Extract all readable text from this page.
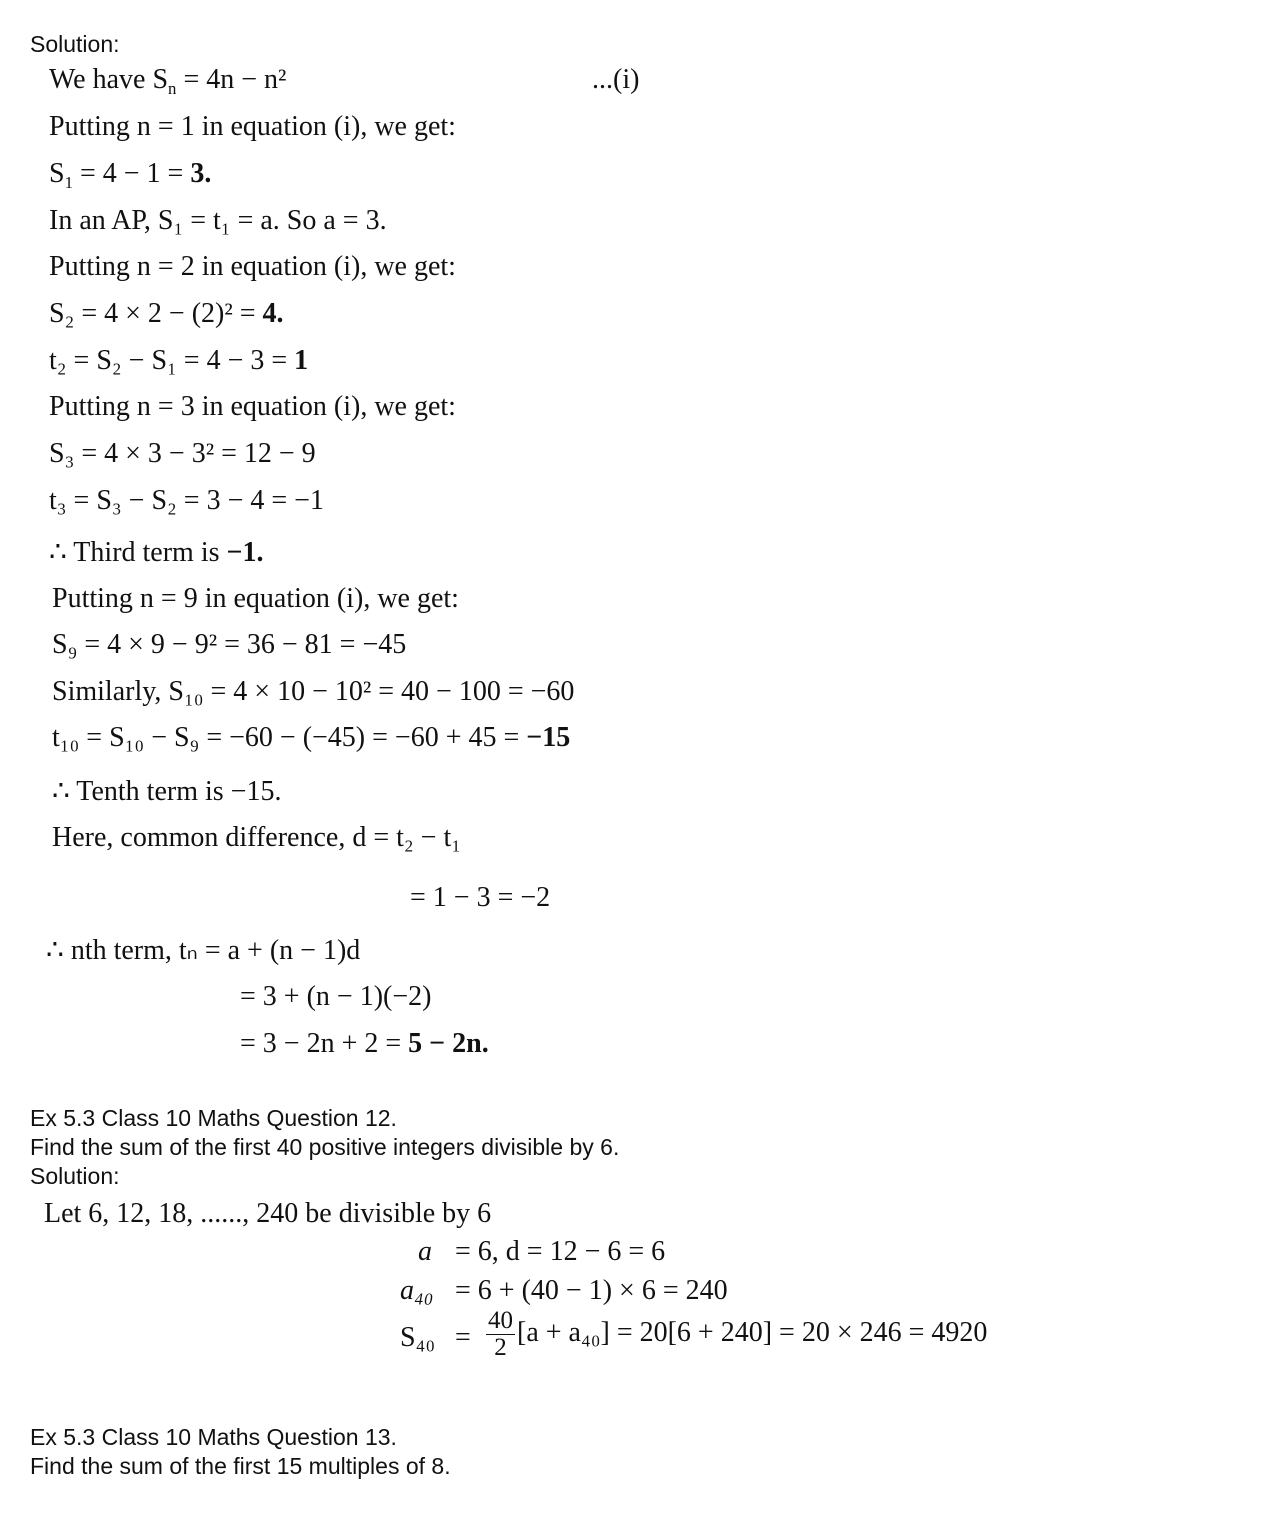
Solution:
We have $S_n = 4n - n^2$	...(i)
Putting n = 1 in equation (i), we get:
$S_1 = 4 - 1 = 3$.
In an AP, S₁ = t₁ = a. So a = 3.
Putting n = 2 in equation (i), we get:
S₂ = 4 × 2 − (2)² = 4.
t₂ = S₂ − S₁ = 4 − 3 = 1
Putting n = 3 in equation (i), we get:
S₃ = 4 × 3 − 3² = 12 − 9
t₃ = S₃ − S₂ = 3 − 4 = −1
∴ Third term is −1.
Putting n = 9 in equation (i), we get:
S₉ = 4 × 9 − 9² = 36 − 81 = −45
Similarly, S₁₀ = 4 × 10 − 10² = 40 − 100 = −60
t₁₀ = S₁₀ − S₉ = −60 − (−45) = −60 + 45 = −15
∴ Tenth term is −15.
Here, common difference, d = t₂ − t₁
= 1 − 3 = −2
∴ nth term, tₙ = a + (n − 1)d
= 3 + (n − 1)(−2)
= 3 − 2n + 2 = 5 − 2n.
Ex 5.3 Class 10 Maths Question 12.
Find the sum of the first 40 positive integers divisible by 6.
Solution:
Let 6, 12, 18, ......, 240 be divisible by 6
a = 6, d = 12 − 6 = 6
a₄₀ = 6 + (40 − 1) × 6 = 240
$S_{40} = \frac{40}{2} [a + a_{40}] = 20[6 + 240] = 20 \times 246 = 4920$
Ex 5.3 Class 10 Maths Question 13.
Find the sum of the first 15 multiples of 8.
